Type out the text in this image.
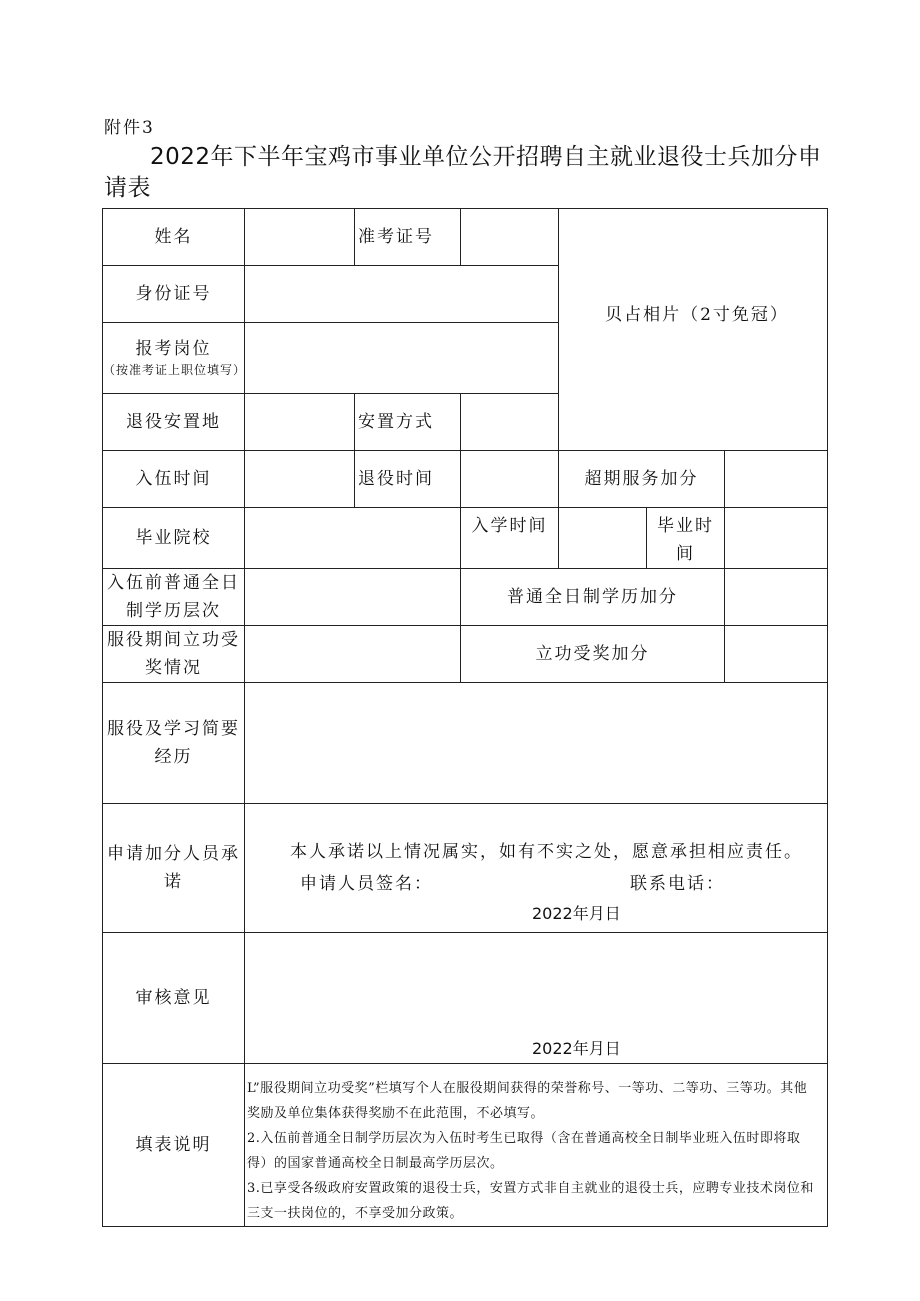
附件3
2022年下半年宝鸡市事业单位公开招聘自主就业退役士兵加分申请表
姓名		准考证号		贝占相片（2寸免冠）		

身份证号						

报考岗位
（按准考证上职位填写）						

退役安置地		安置方式				
入伍时间		退役时间		超期服务加分		
毕业院校			入学时间		毕业时间	
入伍前普通全日制学历层次			普通全日制学历加分			
服役期间立功受奖情况			立功受奖加分			
服役及学习简要经历						
申请加分人员承诺	本人承诺以上情况属实，如有不实之处，愿意承担相应责任。
申请人员签名： 联系电话：
2022年月日					

审核意见	2022年月日					

填表说明	L”服役期间立功受奖”栏填写个人在服役期间获得的荣誉称号、一等功、二等功、三等功。其他奖励及单位集体获得奖励不在此范围，不必填写。

2.入伍前普通全日制学历层次为入伍时考生已取得（含在普通高校全日制毕业班入伍时即将取得）的国家普通高校全日制最高学历层次。

3.已享受各级政府安置政策的退役士兵，安置方式非自主就业的退役士兵，应聘专业技术岗位和三支一扶岗位的，不享受加分政策。					
